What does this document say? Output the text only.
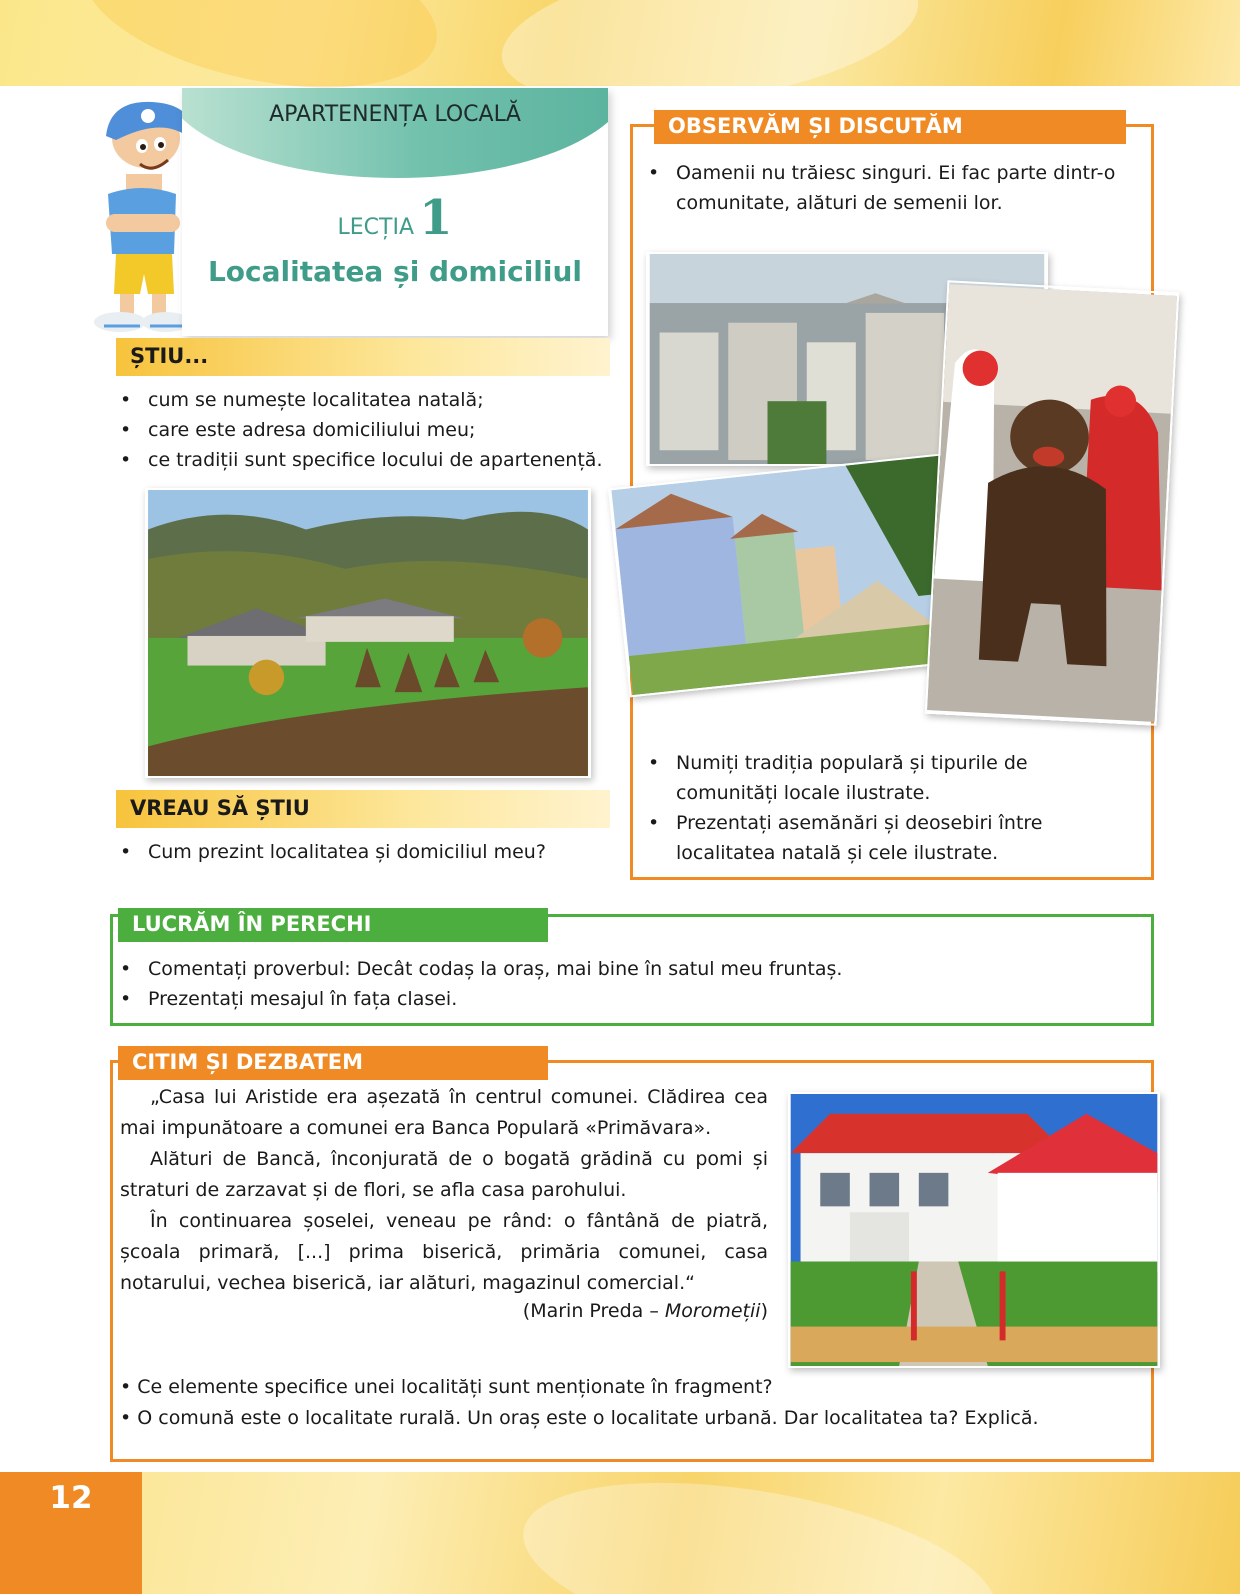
APARTENENȚA LOCALĂ
LECȚIA 1
Localitatea și domiciliul
ȘTIU...
• cum se numește localitatea natală;
• care este adresa domiciliului meu;
• ce tradiții sunt specifice locului de apartenență.
VREAU SĂ ȘTIU
• Cum prezint localitatea și domiciliul meu?
OBSERVĂM ȘI DISCUTĂM
• Oamenii nu trăiesc singuri. Ei fac parte dintr-o
comunitate, alături de semenii lor.
• Numiți tradiția populară și tipurile de
comunități locale ilustrate.
• Prezentați asemănări și deosebiri între
localitatea natală și cele ilustrate.
LUCRĂM ÎN PERECHI
• Comentați proverbul: Decât codaș la oraș, mai bine în satul meu fruntaș.
• Prezentați mesajul în fața clasei.
CITIM ȘI DEZBATEM

„Casa lui Aristide era așezată în centrul comunei. Clădirea cea mai impunătoare a comunei era Banca Populară «Primăvara».

Alături de Bancă, înconjurată de o bogată grădină cu pomi și straturi de zarzavat și de flori, se afla casa parohului.

În continuarea șoselei, veneau pe rând: o fântână de piatră, școala primară, [...] prima biserică, primăria comunei, casa notarului, vechea biserică, iar alături, magazinul comercial.“

(Marin Preda – Moromeții)
• Ce elemente specifice unei localități sunt menționate în fragment?
• O comună este o localitate rurală. Un oraș este o localitate urbană. Dar localitatea ta? Explică.
12
